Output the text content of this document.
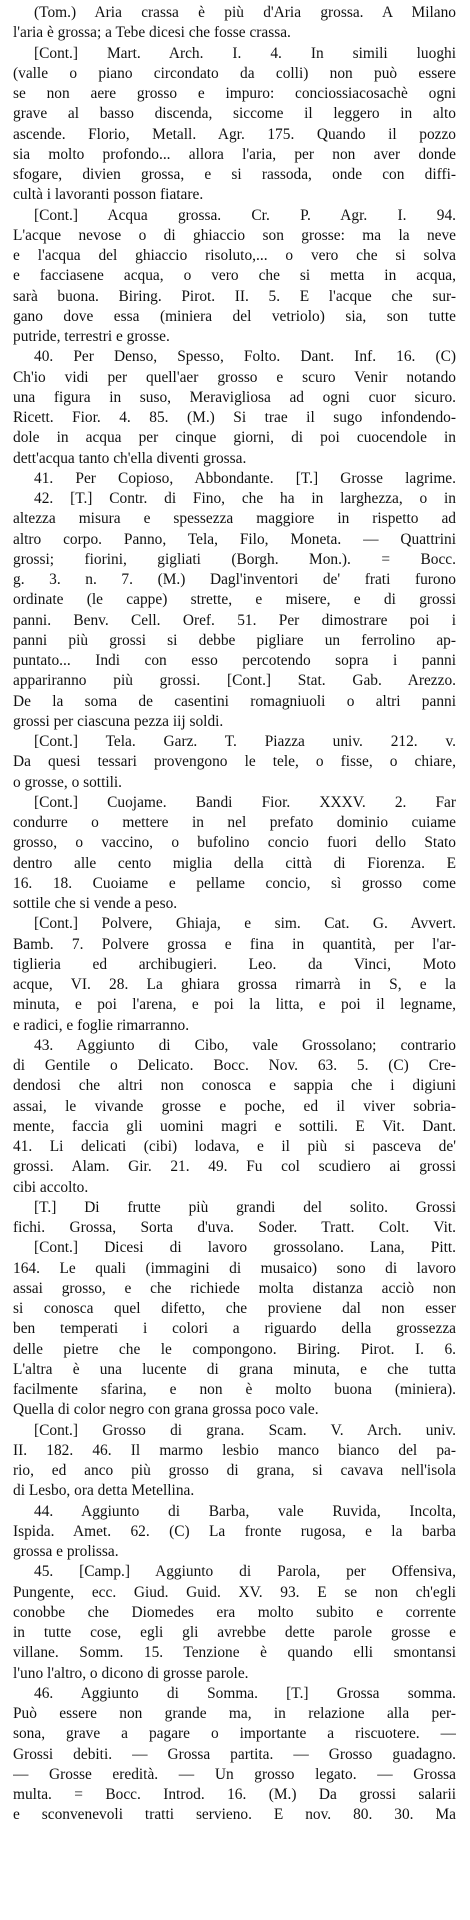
(Tom.) Aria crassa è più d'Aria grossa. A Milano
l'aria è grossa; a Tebe dicesi che fosse crassa.
[Cont.] Mart. Arch. I. 4. In simili luoghi
(valle o piano circondato da colli) non può essere
se non aere grosso e impuro: conciossiacosachè ogni
grave al basso discenda, siccome il leggero in alto
ascende. Florio, Metall. Agr. 175. Quando il pozzo
sia molto profondo... allora l'aria, per non aver donde
sfogare, divien grossa, e si rassoda, onde con diffi-
cultà i lavoranti posson fiatare.
[Cont.] Acqua grossa. Cr. P. Agr. I. 94.
L'acque nevose o di ghiaccio son grosse: ma la neve
e l'acqua del ghiaccio risoluto,... o vero che si solva
e facciasene acqua, o vero che si metta in acqua,
sarà buona. Biring. Pirot. II. 5. E l'acque che sur-
gano dove essa (miniera del vetriolo) sia, son tutte
putride, terrestri e grosse.
40. Per Denso, Spesso, Folto. Dant. Inf. 16. (C)
Ch'io vidi per quell'aer grosso e scuro Venir notando
una figura in suso, Meravigliosa ad ogni cuor sicuro.
Ricett. Fior. 4. 85. (M.) Si trae il sugo infondendo-
dole in acqua per cinque giorni, di poi cuocendole in
dett'acqua tanto ch'ella diventi grossa.
41. Per Copioso, Abbondante. [T.] Grosse lagrime.
42. [T.] Contr. di Fino, che ha in larghezza, o in
altezza misura e spessezza maggiore in rispetto ad
altro corpo. Panno, Tela, Filo, Moneta. — Quattrini
grossi; fiorini, gigliati (Borgh. Mon.). = Bocc.
g. 3. n. 7. (M.) Dagl'inventori de' frati furono
ordinate (le cappe) strette, e misere, e di grossi
panni. Benv. Cell. Oref. 51. Per dimostrare poi i
panni più grossi si debbe pigliare un ferrolino ap-
puntato... Indi con esso percotendo sopra i panni
appariranno più grossi. [Cont.] Stat. Gab. Arezzo.
De la soma de casentini romagniuoli o altri panni
grossi per ciascuna pezza iij soldi.
[Cont.] Tela. Garz. T. Piazza univ. 212. v.
Da quesi tessari provengono le tele, o fisse, o chiare,
o grosse, o sottili.
[Cont.] Cuojame. Bandi Fior. XXXV. 2. Far
condurre o mettere in nel prefato dominio cuiame
grosso, o vaccino, o bufolino concio fuori dello Stato
dentro alle cento miglia della città di Fiorenza. E
16. 18. Cuoiame e pellame concio, sì grosso come
sottile che si vende a peso.
[Cont.] Polvere, Ghiaja, e sim. Cat. G. Avvert.
Bamb. 7. Polvere grossa e fina in quantità, per l'ar-
tiglieria ed archibugieri. Leo. da Vinci, Moto
acque, VI. 28. La ghiara grossa rimarrà in S, e la
minuta, e poi l'arena, e poi la litta, e poi il legname,
e radici, e foglie rimarranno.
43. Aggiunto di Cibo, vale Grossolano; contrario
di Gentile o Delicato. Bocc. Nov. 63. 5. (C) Cre-
dendosi che altri non conosca e sappia che i digiuni
assai, le vivande grosse e poche, ed il viver sobria-
mente, faccia gli uomini magri e sottili. E Vit. Dant.
41. Li delicati (cibi) lodava, e il più si pasceva de'
grossi. Alam. Gir. 21. 49. Fu col scudiero ai grossi
cibi accolto.
[T.] Di frutte più grandi del solito. Grossi
fichi. Grossa, Sorta d'uva. Soder. Tratt. Colt. Vit.
[Cont.] Dicesi di lavoro grossolano. Lana, Pitt.
164. Le quali (immagini di musaico) sono di lavoro
assai grosso, e che richiede molta distanza acciò non
si conosca quel difetto, che proviene dal non esser
ben temperati i colori a riguardo della grossezza
delle pietre che le compongono. Biring. Pirot. I. 6.
L'altra è una lucente di grana minuta, e che tutta
facilmente sfarina, e non è molto buona (miniera).
Quella di color negro con grana grossa poco vale.
[Cont.] Grosso di grana. Scam. V. Arch. univ.
II. 182. 46. Il marmo lesbio manco bianco del pa-
rio, ed anco più grosso di grana, si cavava nell'isola
di Lesbo, ora detta Metellina.
44. Aggiunto di Barba, vale Ruvida, Incolta,
Ispida. Amet. 62. (C) La fronte rugosa, e la barba
grossa e prolissa.
45. [Camp.] Aggiunto di Parola, per Offensiva,
Pungente, ecc. Giud. Guid. XV. 93. E se non ch'egli
conobbe che Diomedes era molto subito e corrente
in tutte cose, egli gli avrebbe dette parole grosse e
villane. Somm. 15. Tenzione è quando elli smontansi
l'uno l'altro, o dicono di grosse parole.
46. Aggiunto di Somma. [T.] Grossa somma.
Può essere non grande ma, in relazione alla per-
sona, grave a pagare o importante a riscuotere. —
Grossi debiti. — Grossa partita. — Grosso guadagno.
— Grosse eredità. — Un grosso legato. — Grossa
multa. = Bocc. Introd. 16. (M.) Da grossi salarii
e sconvenevoli tratti servieno. E nov. 80. 30. Ma
